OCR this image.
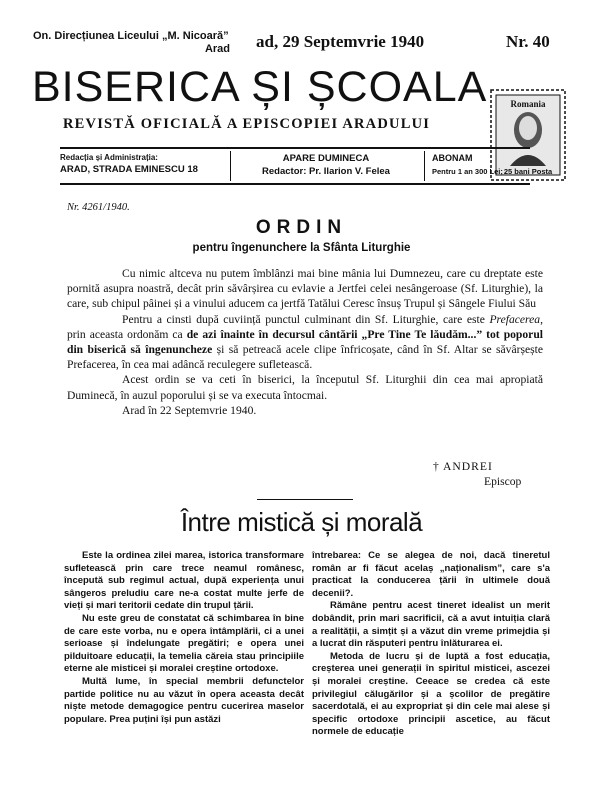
On. Direcțiunea Liceului „M. Nicoară”
Arad	ad, 29 Septemvrie 1940	Nr. 40
BISERICA ȘI ȘCOALA
REVISTĂ OFICIALĂ A EPISCOPIEI ARADULUI
Romania
25 bani Posta
Redacția și Administrația:
ARAD, STRADA EMINESCU 18
APARE DUMINECA
Redactor: Pr. Ilarion V. Felea
ABONAM
Pentru 1 an 300 Lei;
Nr. 4261/1940.
ORDIN
pentru îngenunchere la Sfânta Liturghie

Cu nimic altceva nu putem îmblânzi mai bine mânia lui Dumnezeu, care cu dreptate este pornită asupra noastră, decât prin săvârșirea cu evlavie a Jertfei celei nesângeroase (Sf. Liturghie), la care, sub chipul pâinei și a vinului aducem ca jertfă Tatălui Ceresc însuș Trupul și Sângele Fiului Său

Pentru a cinsti după cuviință punctul culminant din Sf. Liturghie, care este Prefacerea, prin aceasta ordonăm ca de azi înainte în decursul cântării „Pre Tine Te lăudăm...” tot poporul din biserică să îngenuncheze și să petreacă acele clipe înfricoșate, când în Sf. Altar se săvârșește Prefacerea, în cea mai adâncă reculegere sufletească.

Acest ordin se va ceti în biserici, la începutul Sf. Liturghii din cea mai apropiată Duminecă, în auzul poporului și se va executa întocmai.

Arad în 22 Septemvrie 1940.

† ANDREI
Episcop
Între mistică și morală

Este la ordinea zilei marea, istorica transformare sufletească prin care trece neamul românesc, începută sub regimul actual, după experiența unui sângeros preludiu care ne-a costat multe jerfe de vieți și mari teritorii cedate din trupul țării.

Nu este greu de constatat că schimbarea în bine de care este vorba, nu e opera întâmplării, ci a unei serioase și îndelungate pregătiri; e opera unei pilduitoare educații, la temelia căreia stau principiile eterne ale misticei și moralei creștine ortodoxe.

Multă lume, în special membrii defunctelor partide politice nu au văzut în opera aceasta decât niște metode demagogice pentru cucerirea maselor populare. Prea puțini își pun astăzi

întrebarea: Ce se alegea de noi, dacă tineretul român ar fi făcut acelaș „naționalism”, care s'a practicat la conducerea țării în ultimele două decenii?.

Rămâne pentru acest tineret idealist un merit dobândit, prin mari sacrificii, că a avut intuiția clară a realității, a simțit și a văzut din vreme primejdia și a lucrat din răsputeri pentru înlăturarea ei.

Metoda de lucru și de luptă a fost educația, creșterea unei generații în spiritul misticei, ascezei și moralei creștine. Ceeace se credea că este privilegiul călugărilor și a școlilor de pregătire sacerdotală, ei au expropriat și din cele mai alese și specific ortodoxe principii ascetice, au făcut normele de educație
